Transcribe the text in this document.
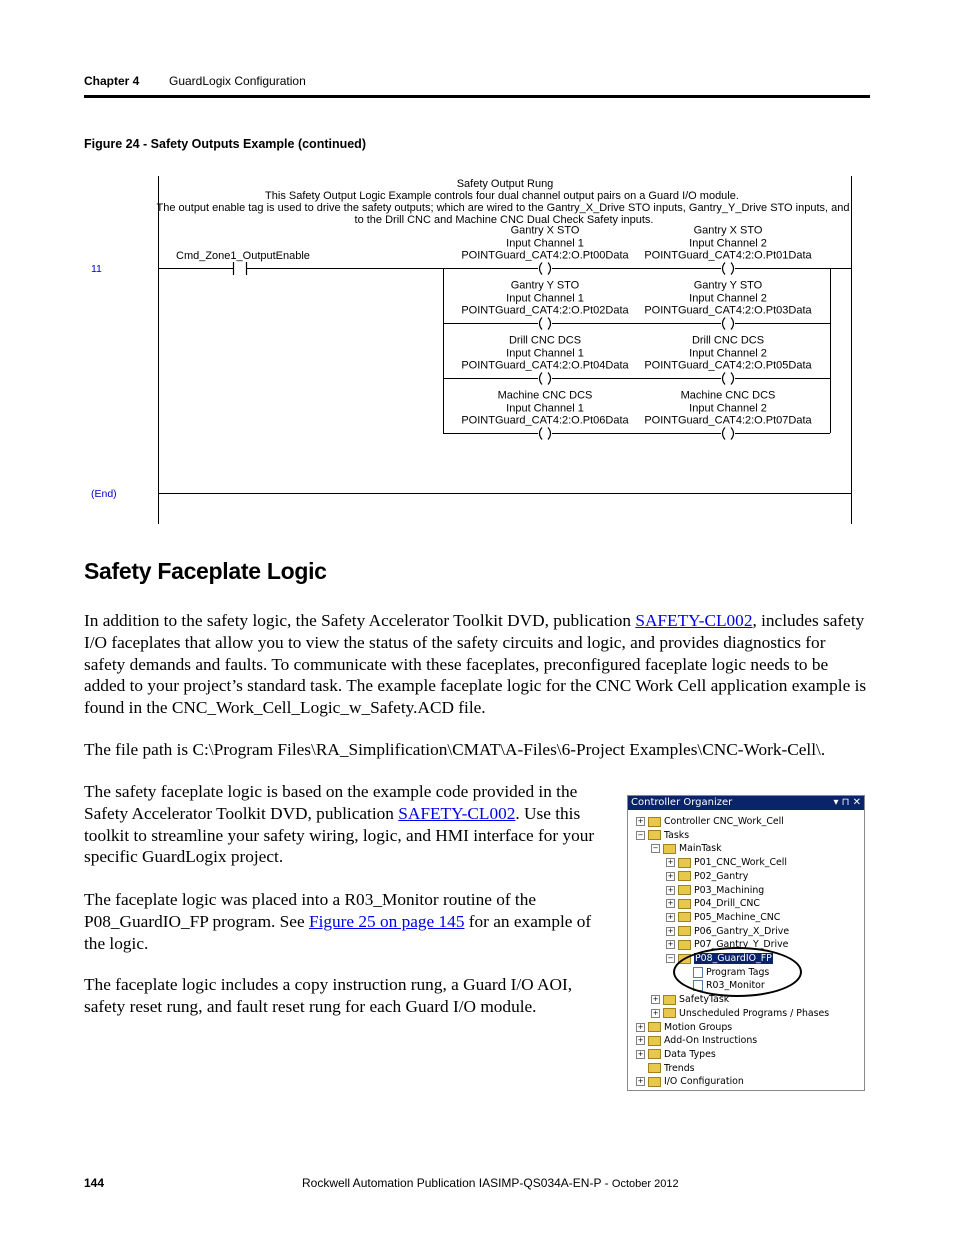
Chapter 4 GuardLogix Configuration
Figure 24 - Safety Outputs Example (continued)
Safety Output Rung
This Safety Output Logic Example controls four dual channel output pairs on a Guard I/O module.
The output enable tag is used to drive the safety outputs; which are wired to the Gantry_X_Drive STO inputs, Gantry_Y_Drive STO inputs, and
to the Drill CNC and Machine CNC Dual Check Safety inputs.
11
Cmd_Zone1_OutputEnable
Gantry X STO
Input Channel 1
POINTGuard_CAT4:2:O.Pt00Data
Gantry X STO
Input Channel 2
POINTGuard_CAT4:2:O.Pt01Data
Gantry Y STO
Input Channel 1
POINTGuard_CAT4:2:O.Pt02Data
Gantry Y STO
Input Channel 2
POINTGuard_CAT4:2:O.Pt03Data
Drill CNC DCS
Input Channel 1
POINTGuard_CAT4:2:O.Pt04Data
Drill CNC DCS
Input Channel 2
POINTGuard_CAT4:2:O.Pt05Data
Machine CNC DCS
Input Channel 1
POINTGuard_CAT4:2:O.Pt06Data
Machine CNC DCS
Input Channel 2
POINTGuard_CAT4:2:O.Pt07Data
(End)
Safety Faceplate Logic
In addition to the safety logic, the Safety Accelerator Toolkit DVD, publication SAFETY-CL002, includes safety I/O faceplates that allow you to view the status of the safety circuits and logic, and provides diagnostics for safety demands and faults. To communicate with these faceplates, preconfigured faceplate logic needs to be added to your project’s standard task. The example faceplate logic for the CNC Work Cell application example is found in the CNC_Work_Cell_Logic_w_Safety.ACD file.
The file path is C:\Program Files\RA_Simplification\CMAT\A-Files\6-Project Examples\CNC-Work-Cell\.
The safety faceplate logic is based on the example code provided in the Safety Accelerator Toolkit DVD, publication SAFETY-CL002. Use this toolkit to streamline your safety wiring, logic, and HMI interface for your specific GuardLogix project.
The faceplate logic was placed into a R03_Monitor routine of the P08_GuardIO_FP program. See Figure 25 on page 145 for an example of the logic.
The faceplate logic includes a copy instruction rung, a Guard I/O AOI, safety reset rung, and fault reset rung for each Guard I/O module.
Controller Organizer	▾ ⊓ ✕
+ Controller CNC_Work_Cell
− Tasks
− MainTask
+ P01_CNC_Work_Cell
+ P02_Gantry
+ P03_Machining
+ P04_Drill_CNC
+ P05_Machine_CNC
+ P06_Gantry_X_Drive
+ P07_Gantry_Y_Drive
− P08_GuardIO_FP
Program Tags
R03_Monitor
+ SafetyTask
+ Unscheduled Programs / Phases
+ Motion Groups
+ Add-On Instructions
+ Data Types
Trends
+ I/O Configuration
144	Rockwell Automation Publication IASIMP-QS034A-EN-P - October 2012
